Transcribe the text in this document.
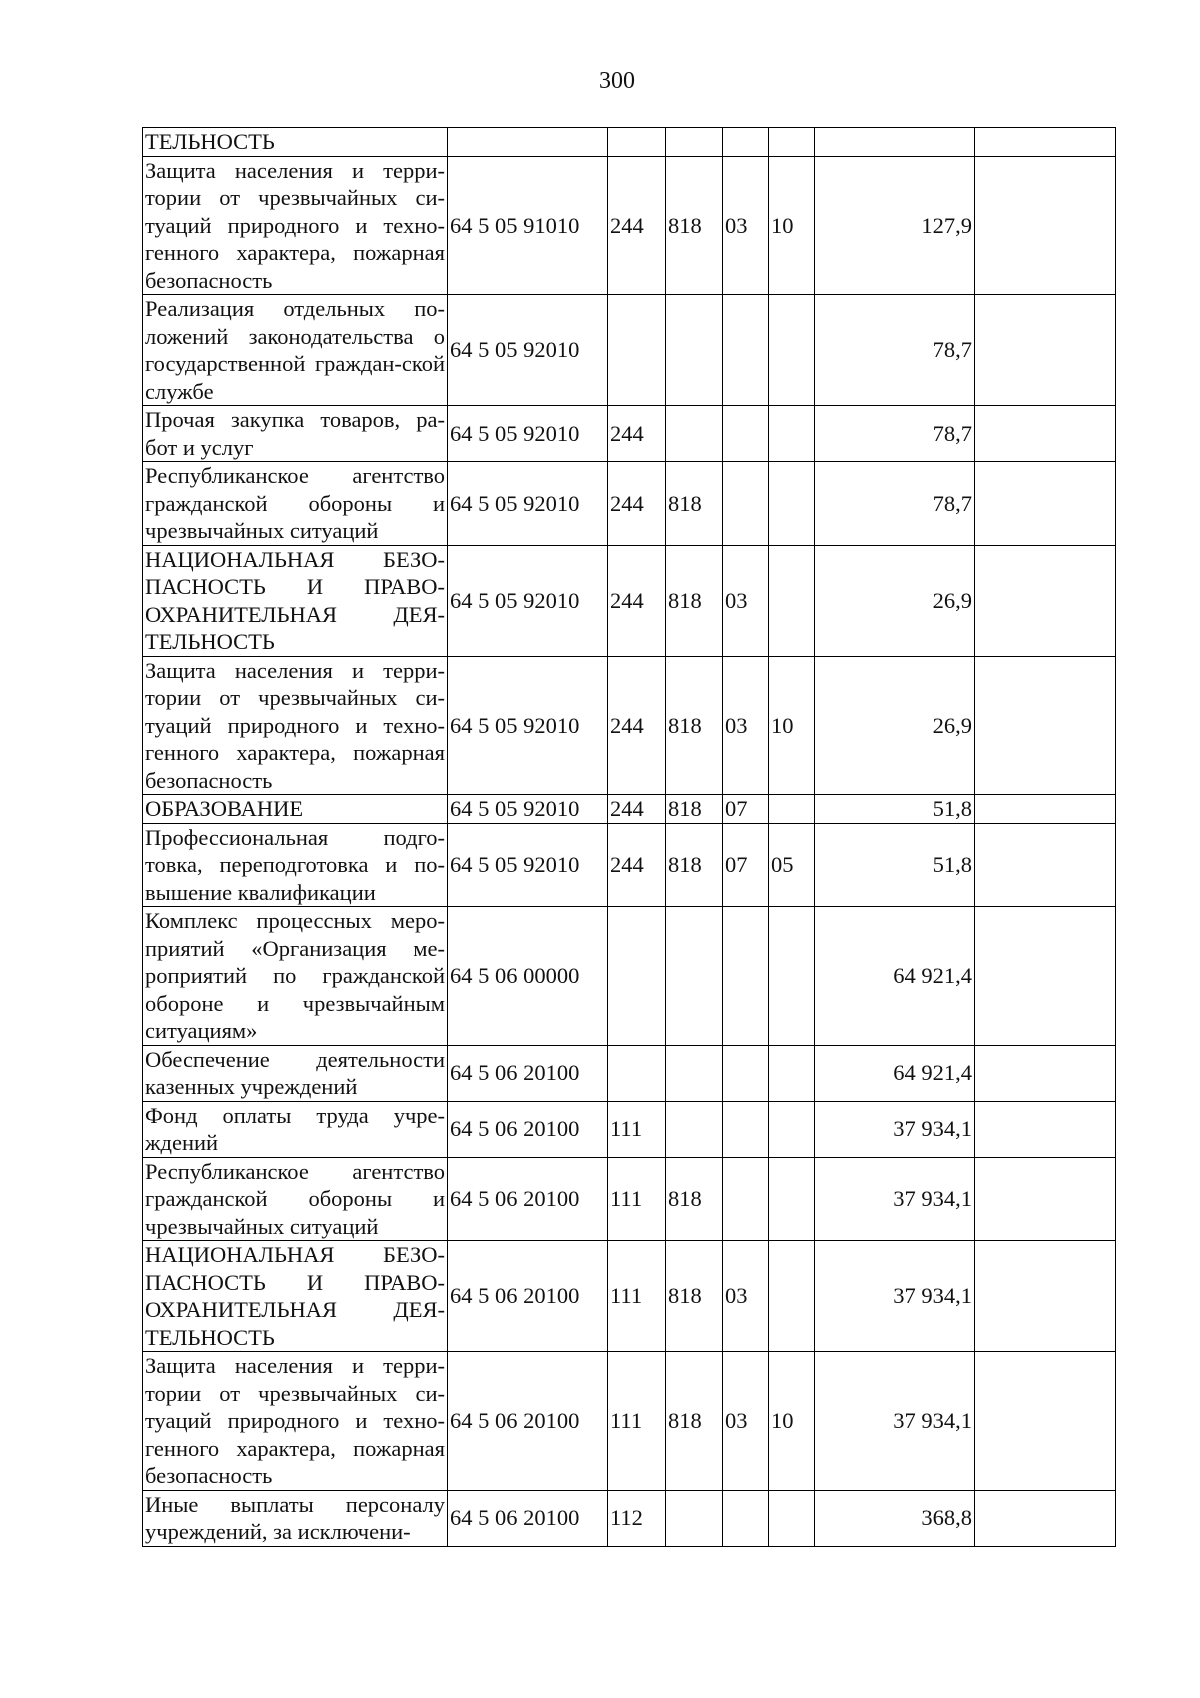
300
ТЕЛЬНОСТЬ							
Защита населения и терри-тории от чрезвычайных си-туаций природного и техно-генного характера, пожарная безопасность	64 5 05 91010	244	818	03	10	127,9	
Реализация отдельных по-ложений законодательства о государственной граждан-ской службе	64 5 05 92010					78,7	
Прочая закупка товаров, ра-бот и услуг	64 5 05 92010	244				78,7	
Республиканское агентство гражданской обороны и чрезвычайных ситуаций	64 5 05 92010	244	818			78,7	
НАЦИОНАЛЬНАЯ БЕЗО-ПАСНОСТЬ И ПРАВО-ОХРАНИТЕЛЬНАЯ ДЕЯ-ТЕЛЬНОСТЬ	64 5 05 92010	244	818	03		26,9	
Защита населения и терри-тории от чрезвычайных си-туаций природного и техно-генного характера, пожарная безопасность	64 5 05 92010	244	818	03	10	26,9	
ОБРАЗОВАНИЕ	64 5 05 92010	244	818	07		51,8	
Профессиональная подго-товка, переподготовка и по-вышение квалификации	64 5 05 92010	244	818	07	05	51,8	
Комплекс процессных меро-приятий «Организация ме-роприятий по гражданской обороне и чрезвычайным ситуациям»	64 5 06 00000					64 921,4	
Обеспечение деятельности казенных учреждений	64 5 06 20100					64 921,4	
Фонд оплаты труда учре-ждений	64 5 06 20100	111				37 934,1	
Республиканское агентство гражданской обороны и чрезвычайных ситуаций	64 5 06 20100	111	818			37 934,1	
НАЦИОНАЛЬНАЯ БЕЗО-ПАСНОСТЬ И ПРАВО-ОХРАНИТЕЛЬНАЯ ДЕЯ-ТЕЛЬНОСТЬ	64 5 06 20100	111	818	03		37 934,1	
Защита населения и терри-тории от чрезвычайных си-туаций природного и техно-генного характера, пожарная безопасность	64 5 06 20100	111	818	03	10	37 934,1	
Иные выплаты персоналу учреждений, за исключени-	64 5 06 20100	112				368,8	
